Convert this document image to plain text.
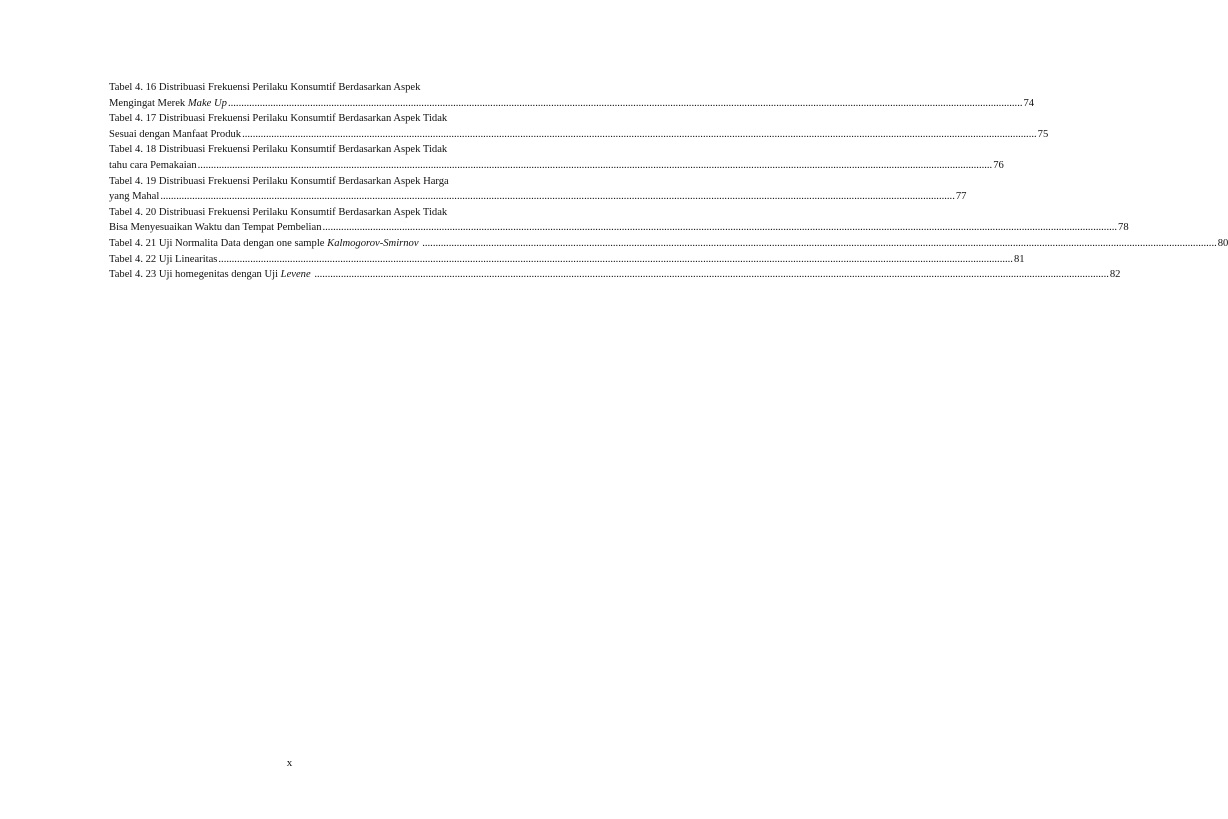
Tabel 4. 16 Distribuasi Frekuensi Perilaku Konsumtif Berdasarkan Aspek
Mengingat Merek Make Up ............................................................................................................................................................................................................................................................................................................ 74
Tabel 4. 17 Distribuasi Frekuensi Perilaku Konsumtif Berdasarkan Aspek Tidak
Sesuai dengan Manfaat Produk ............................................................................................................................................................................................................................................................................................................ 75
Tabel 4. 18 Distribuasi Frekuensi Perilaku Konsumtif Berdasarkan Aspek Tidak
tahu cara Pemakaian ............................................................................................................................................................................................................................................................................................................ 76
Tabel 4. 19 Distribuasi Frekuensi Perilaku Konsumtif Berdasarkan Aspek Harga
yang Mahal ............................................................................................................................................................................................................................................................................................................ 77
Tabel 4. 20 Distribuasi Frekuensi Perilaku Konsumtif Berdasarkan Aspek Tidak
Bisa Menyesuaikan Waktu dan Tempat Pembelian ............................................................................................................................................................................................................................................................................................................ 78
Tabel 4. 21 Uji Normalita Data dengan one sample Kalmogorov-Smirnov ............................................................................................................................................................................................................................................................................................................ 80
Tabel 4. 22 Uji Linearitas ............................................................................................................................................................................................................................................................................................................ 81
Tabel 4. 23 Uji homegenitas dengan Uji Levene ............................................................................................................................................................................................................................................................................................................ 82
x
